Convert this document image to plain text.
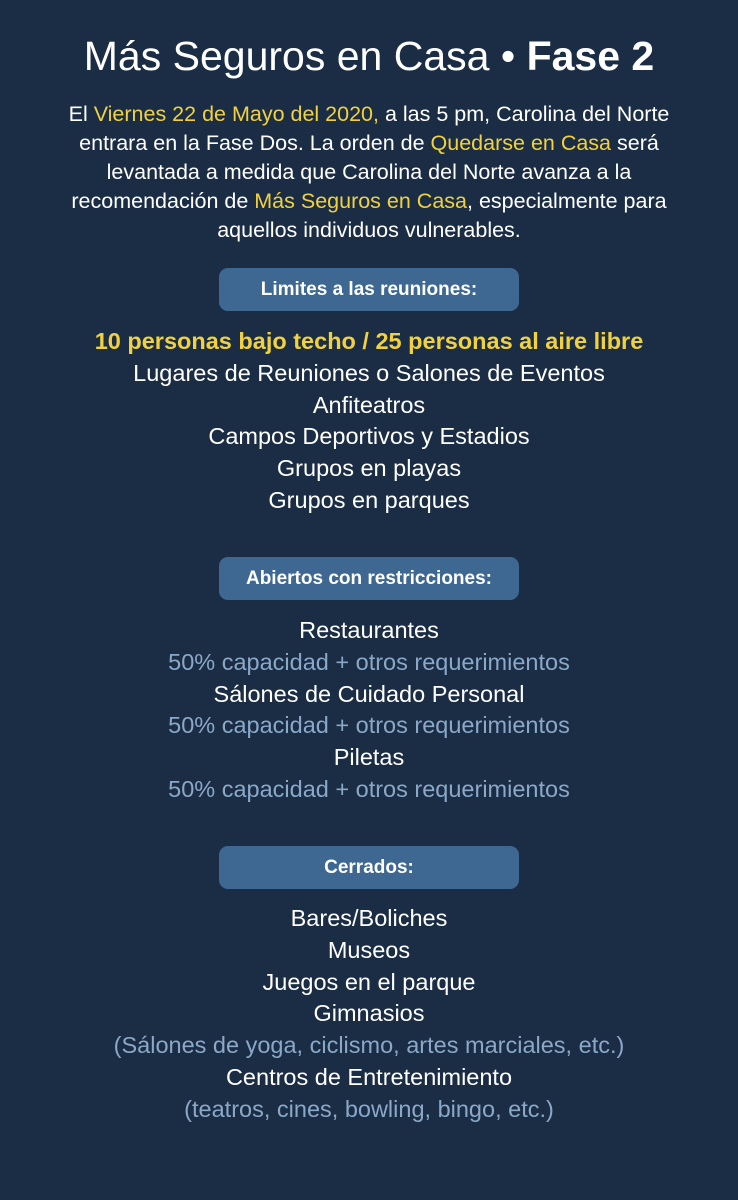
Más Seguros en Casa • Fase 2
El Viernes 22 de Mayo del 2020, a las 5 pm, Carolina del Norte entrara en la Fase Dos. La orden de Quedarse en Casa será levantada a medida que Carolina del Norte avanza a la recomendación de Más Seguros en Casa, especialmente para aquellos individuos vulnerables.
Limites a las reuniones:
10 personas bajo techo / 25 personas al aire libre
Lugares de Reuniones o Salones de Eventos
Anfiteatros
Campos Deportivos y Estadios
Grupos en playas
Grupos en parques
Abiertos con restricciones:
Restaurantes
50% capacidad + otros requerimientos
Sálones de Cuidado Personal
50% capacidad + otros requerimientos
Piletas
50% capacidad + otros requerimientos
Cerrados:
Bares/Boliches
Museos
Juegos en el parque
Gimnasios
(Sálones de yoga, ciclismo, artes marciales, etc.)
Centros de Entretenimiento
(teatros, cines, bowling, bingo, etc.)
